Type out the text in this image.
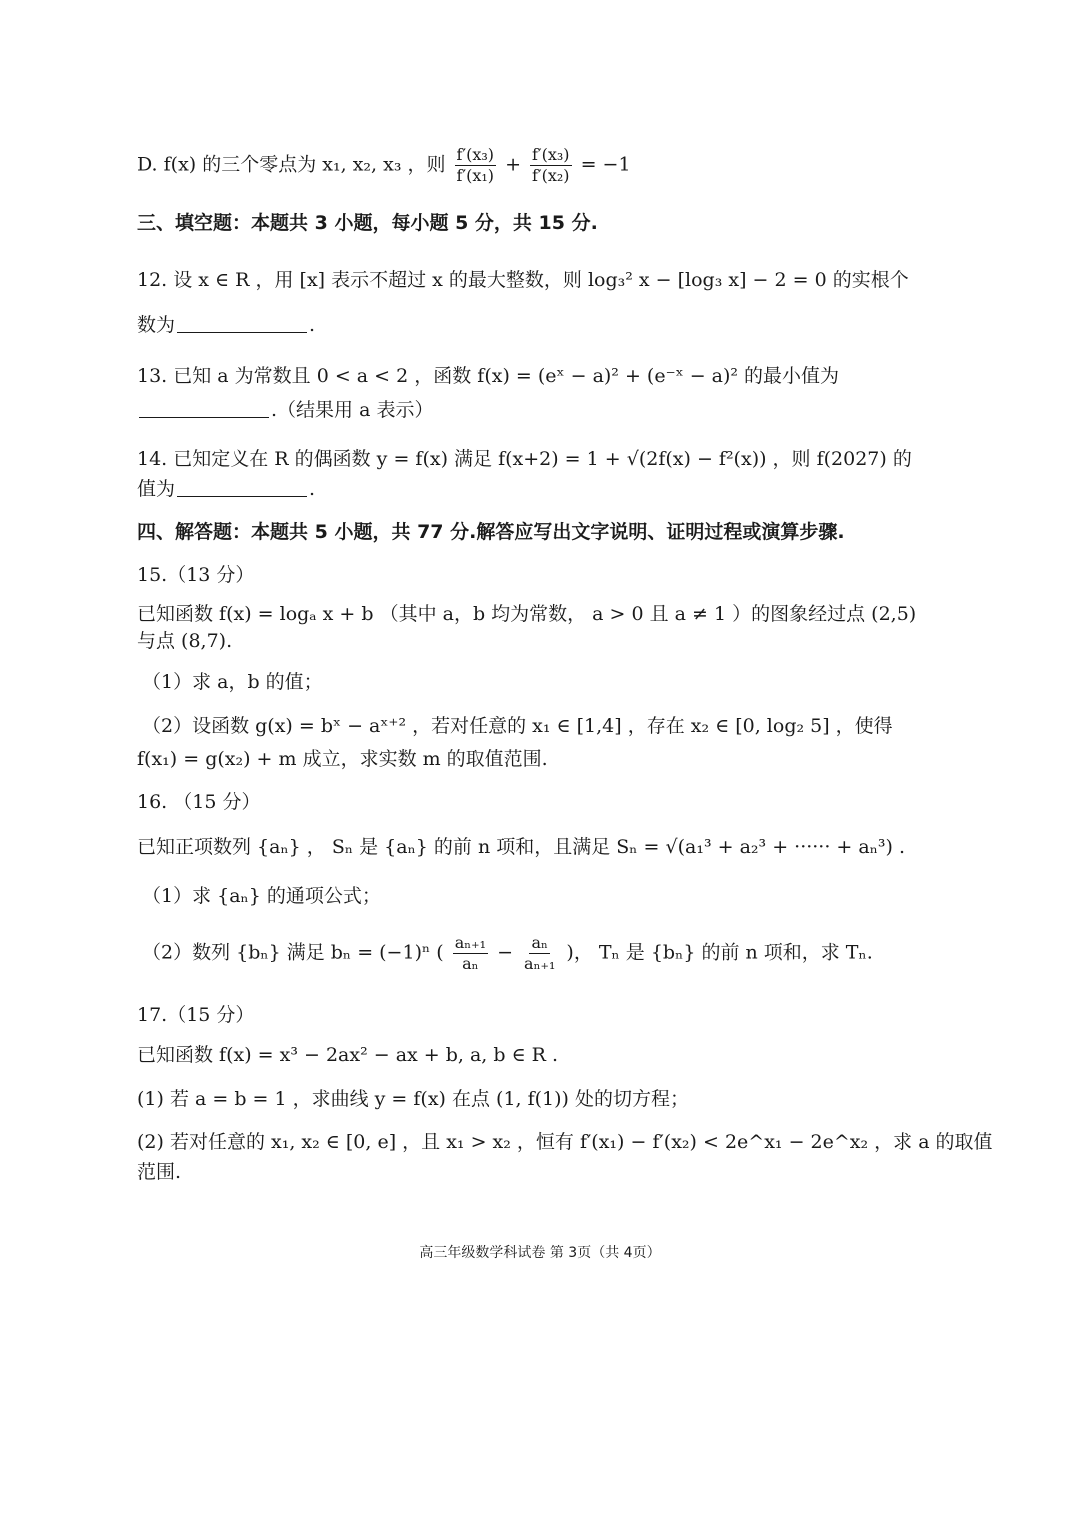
D. f(x) 的三个零点为 x₁, x₂, x₃ ，则 $\frac{\text{f′(x₃)}}{\text{f′(x₁)}} + \frac{\text{f′(x₃)}}{\text{f′(x₂)}} = -1$
三、填空题：本题共 3 小题，每小题 5 分，共 15 分.
12. 设 x ∈ R ，用 [x] 表示不超过 x 的最大整数，则 log₃² x − [log₃ x] − 2 = 0 的实根个
数为	.
13. 已知 a 为常数且 0 < a < 2 ，函数 f(x) = (eˣ − a)² + (e⁻ˣ − a)² 的最小值为
.（结果用 a 表示）
14. 已知定义在 R 的偶函数 y = f(x) 满足 f(x+2) = 1 + √(2f(x) − f²(x)) ，则 f(2027) 的
值为	.
四、解答题：本题共 5 小题，共 77 分.解答应写出文字说明、证明过程或演算步骤.
15.（13 分）
已知函数 f(x) = logₐ x + b （其中 a，b 均为常数， a > 0 且 a ≠ 1 ）的图象经过点 (2,5)
与点 (8,7).
（1）求 a，b 的值；
（2）设函数 g(x) = bˣ − aˣ⁺² ，若对任意的 x₁ ∈ [1,4] ，存在 x₂ ∈ [0, log₂ 5] ，使得
f(x₁) = g(x₂) + m 成立，求实数 m 的取值范围.
16. （15 分）
已知正项数列 {aₙ} ， Sₙ 是 {aₙ} 的前 n 项和，且满足 Sₙ = √(a₁³ + a₂³ + ······ + aₙ³) .
（1）求 {aₙ} 的通项公式；
（2）数列 {bₙ} 满足 bₙ = (−1)ⁿ ( $\frac{\text{aₙ₊₁}}{\text{aₙ}} - \frac{\text{aₙ}}{\text{aₙ₊₁}}$ )， Tₙ 是 {bₙ} 的前 n 项和，求 Tₙ.
17.（15 分）
已知函数 f(x) = x³ − 2ax² − ax + b, a, b ∈ R .
(1) 若 a = b = 1 ，求曲线 y = f(x) 在点 (1, f(1)) 处的切方程；
(2) 若对任意的 x₁, x₂ ∈ [0, e] ，且 x₁ > x₂ ，恒有 f′(x₁) − f′(x₂) < 2e^x₁ − 2e^x₂ ，求 a 的取值
范围.
高三年级数学科试卷 第 3页（共 4页）
